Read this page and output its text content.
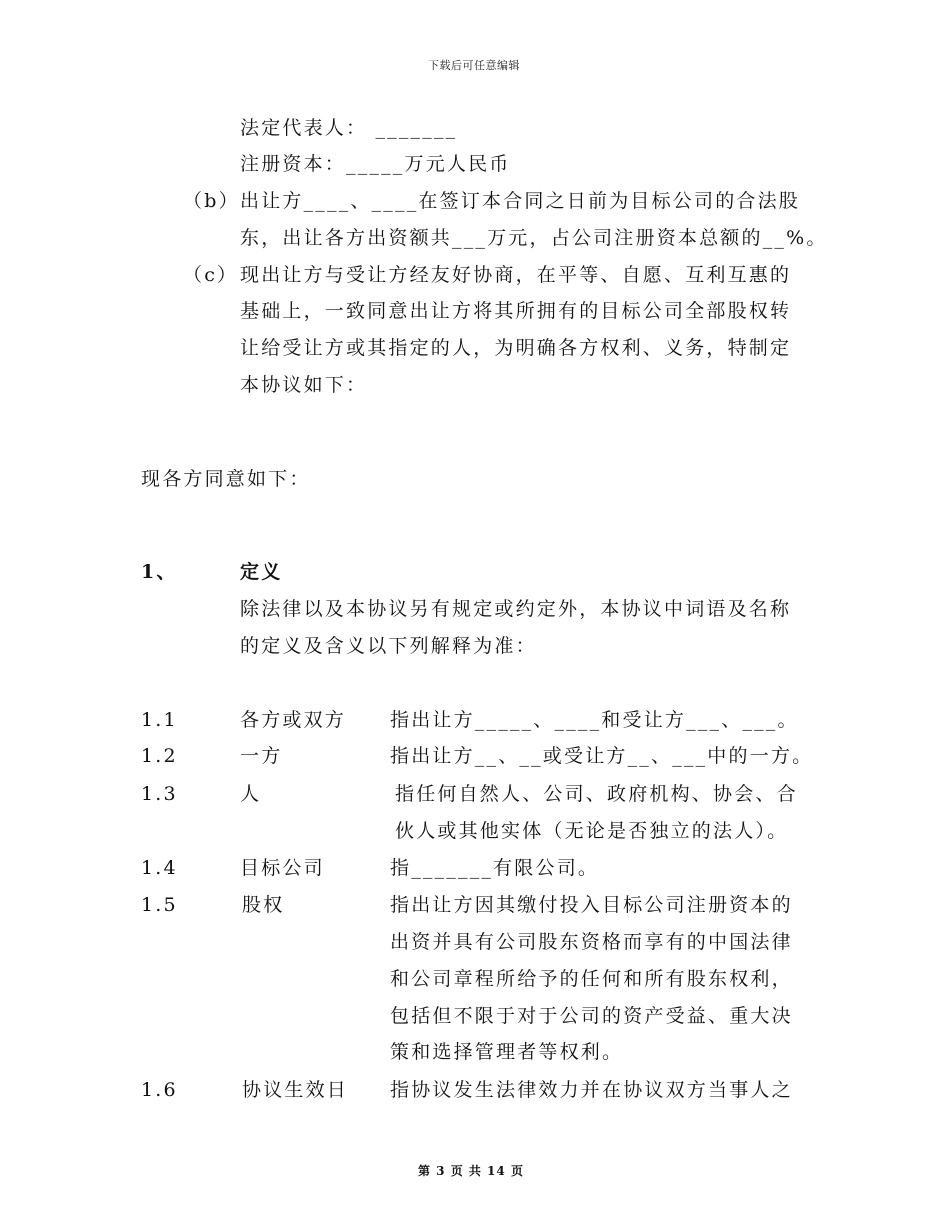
下载后可任意编辑
法定代表人： _______
注册资本：_____万元人民币
（b） 出让方____、____在签订本合同之日前为目标公司的合法股
东，出让各方出资额共___万元，占公司注册资本总额的__%。
（c） 现出让方与受让方经友好协商，在平等、自愿、互利互惠的
基础上，一致同意出让方将其所拥有的目标公司全部股权转
让给受让方或其指定的人，为明确各方权利、义务，特制定
本协议如下：
现各方同意如下：
1、	定义
除法律以及本协议另有规定或约定外，本协议中词语及名称
的定义及含义以下列解释为准：
1.1	各方或双方 指出让方_____、____和受让方___、___。
1.2	一方	指出让方__、__或受让方__、___中的一方。
1.3	人	指任何自然人、公司、政府机构、协会、合
伙人或其他实体（无论是否独立的法人）。
1.4	目标公司	指_______有限公司。
1.5	股权	指出让方因其缴付投入目标公司注册资本的
出资并具有公司股东资格而享有的中国法律
和公司章程所给予的任何和所有股东权利，
包括但不限于对于公司的资产受益、重大决
策和选择管理者等权利。
1.6	协议生效日 指协议发生法律效力并在协议双方当事人之
第 3 页 共 14 页
